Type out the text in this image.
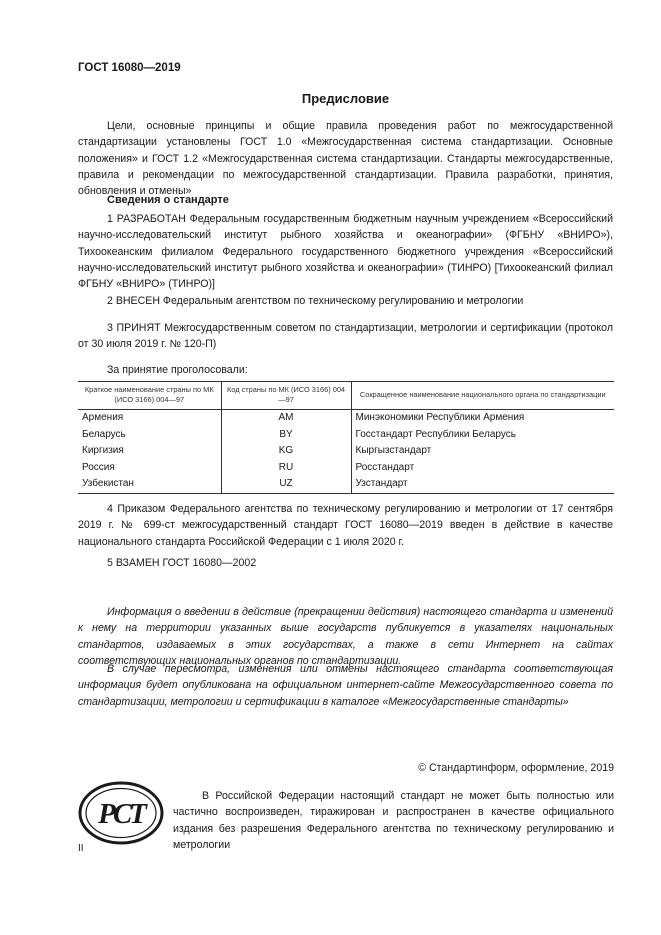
ГОСТ 16080—2019
Предисловие

Цели, основные принципы и общие правила проведения работ по межгосударственной стандартизации установлены ГОСТ 1.0 «Межгосударственная система стандартизации. Основные положения» и ГОСТ 1.2 «Межгосударственная система стандартизации. Стандарты межгосударственные, правила и рекомендации по межгосударственной стандартизации. Правила разработки, принятия, обновления и отмены»

Сведения о стандарте

1 РАЗРАБОТАН Федеральным государственным бюджетным научным учреждением «Всероссийский научно-исследовательский институт рыбного хозяйства и океанографии» (ФГБНУ «ВНИРО»), Тихоокеанским филиалом Федерального государственного бюджетного учреждения «Всероссийский научно-исследовательский институт рыбного хозяйства и океанографии» (ТИНРО) [Тихоокеанский филиал ФГБНУ «ВНИРО» (ТИНРО)]

2 ВНЕСЕН Федеральным агентством по техническому регулированию и метрологии

3 ПРИНЯТ Межгосударственным советом по стандартизации, метрологии и сертификации (протокол от 30 июля 2019 г. № 120-П)

За принятие проголосовали:

Краткое наименование страны по МК (ИСО 3166) 004—97	Код страны по МК (ИСО 3166) 004—97	Сокращенное наименование национального органа по стандартизации
Армения	AM	Минэкономики Республики Армения
Беларусь	BY	Госстандарт Республики Беларусь
Киргизия	KG	Кыргызстандарт
Россия	RU	Росстандарт
Узбекистан	UZ	Узстандарт

4 Приказом Федерального агентства по техническому регулированию и метрологии от 17 сентября 2019 г. № 699-ст межгосударственный стандарт ГОСТ 16080—2019 введен в действие в качестве национального стандарта Российской Федерации с 1 июля 2020 г.

5 ВЗАМЕН ГОСТ 16080—2002

Информация о введении в действие (прекращении действия) настоящего стандарта и изменений к нему на территории указанных выше государств публикуется в указателях национальных стандартов, издаваемых в этих государствах, а также в сети Интернет на сайтах соответствующих национальных органов по стандартизации.

В случае пересмотра, изменения или отмены настоящего стандарта соответствующая информация будет опубликована на официальном интернет-сайте Межгосударственного совета по стандартизации, метрологии и сертификации в каталоге «Межгосударственные стандарты»

© Стандартинформ, оформление, 2019
РСТ

В Российской Федерации настоящий стандарт не может быть полностью или частично воспроизведен, тиражирован и распространен в качестве официального издания без разрешения Федерального агентства по техническому регулированию и метрологии

II
